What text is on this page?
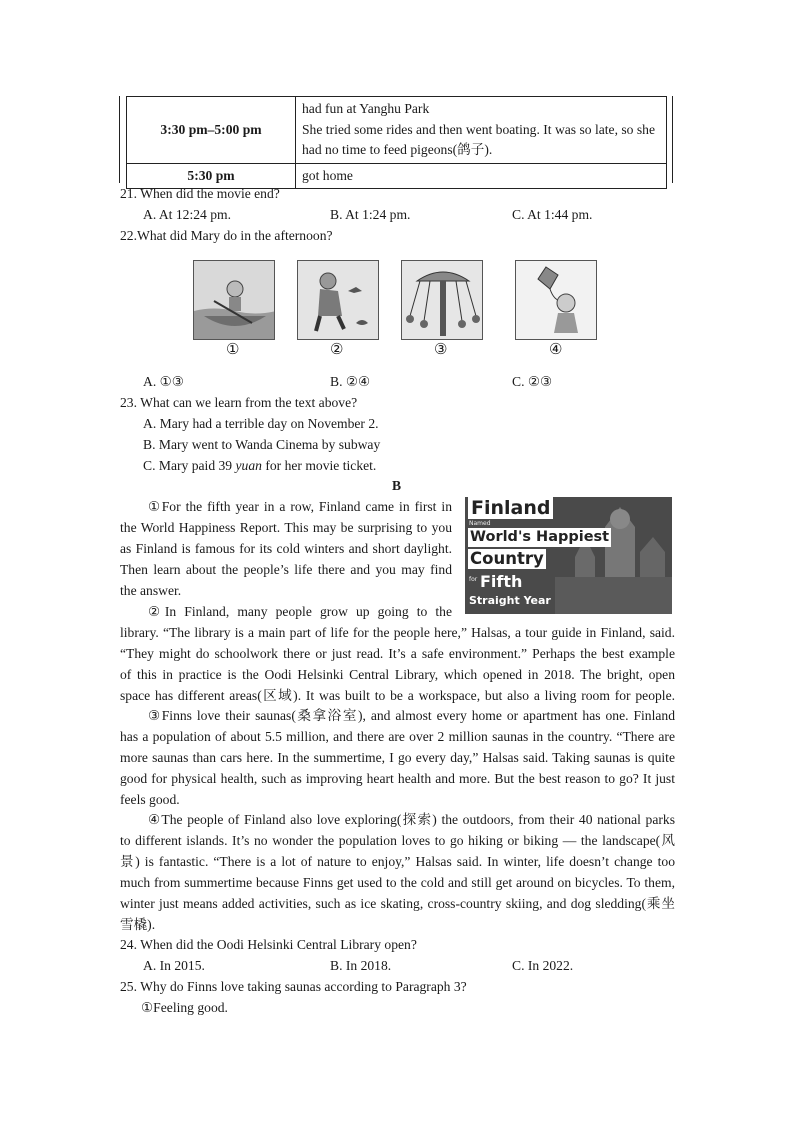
3:30 pm–5:00 pm	had fun at Yanghu Park
She tried some rides and then went boating. It was so late, so she
had no time to feed pigeons(鸽子).

5:30 pm	got home
21. When did the movie end?
A. At 12:24 pm.	B. At 1:24 pm.	C. At 1:44 pm.
22.What did Mary do in the afternoon?
①	②	③	④
A. ①③	B. ②④	C. ②③
23. What can we learn from the text above?
A. Mary had a terrible day on November 2.
B. Mary went to Wanda Cinema by subway
C. Mary paid 39 yuan for her movie ticket.
B
Finland
Named
World's Happiest
Country
for Fifth
Straight Year
①For the fifth year in a row, Finland came in first in
the World Happiness Report. This may be surprising to you
as Finland is famous for its cold winters and short daylight.
Then learn about the people’s life there and you may find
the answer.
②In Finland, many people grow up going to the
library. “The library is a main part of life for the people here,” Halsas, a tour guide in Finland, said.
“They might do schoolwork there or just read. It’s a safe environment.” Perhaps the best example
of this in practice is the Oodi Helsinki Central Library, which opened in 2018. The bright, open
space has different areas(区域). It was built to be a workspace, but also a living room for people.
③Finns love their saunas(桑拿浴室), and almost every home or apartment has one. Finland
has a population of about 5.5 million, and there are over 2 million saunas in the country. “There are
more saunas than cars here. In the summertime, I go every day,” Halsas said. Taking saunas is quite
good for physical health, such as improving heart health and more. But the best reason to go? It just
feels good.
④The people of Finland also love exploring(探索) the outdoors, from their 40 national parks
to different islands. It’s no wonder the population loves to go hiking or biking — the landscape(风
景) is fantastic. “There is a lot of nature to enjoy,” Halsas said. In winter, life doesn’t change too
much from summertime because Finns get used to the cold and still get around on bicycles. To them,
winter just means added activities, such as ice skating, cross-country skiing, and dog sledding(乘坐
雪橇).
24. When did the Oodi Helsinki Central Library open?
A. In 2015.	B. In 2018.	C. In 2022.
25. Why do Finns love taking saunas according to Paragraph 3?
①Feeling good.
